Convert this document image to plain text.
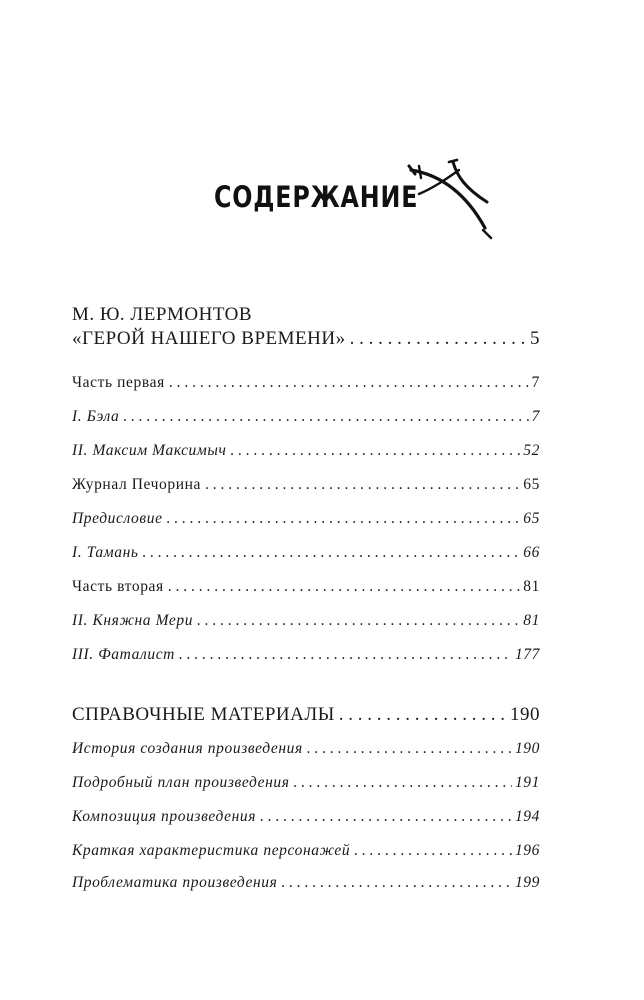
СОДЕРЖАНИЕ
М. Ю. ЛЕРМОНТОВ
«ГЕРОЙ НАШЕГО ВРЕМЕНИ» . . .	5
Часть первая . . .	7
I. Бэла . . .	7
II. Максим Максимыч . . .	52
Журнал Печорина . . .	65
Предисловие . . .	65
I. Тамань . . .	66
Часть вторая . . .	81
II. Княжна Мери . . .	81
III. Фаталист . . .	177
СПРАВОЧНЫЕ МАТЕРИАЛЫ . . .	190
История создания произведения . . .	190
Подробный план произведения . . .	191
Композиция произведения . . .	194
Краткая характеристика персонажей . . .	196
Проблематика произведения . . .	199
